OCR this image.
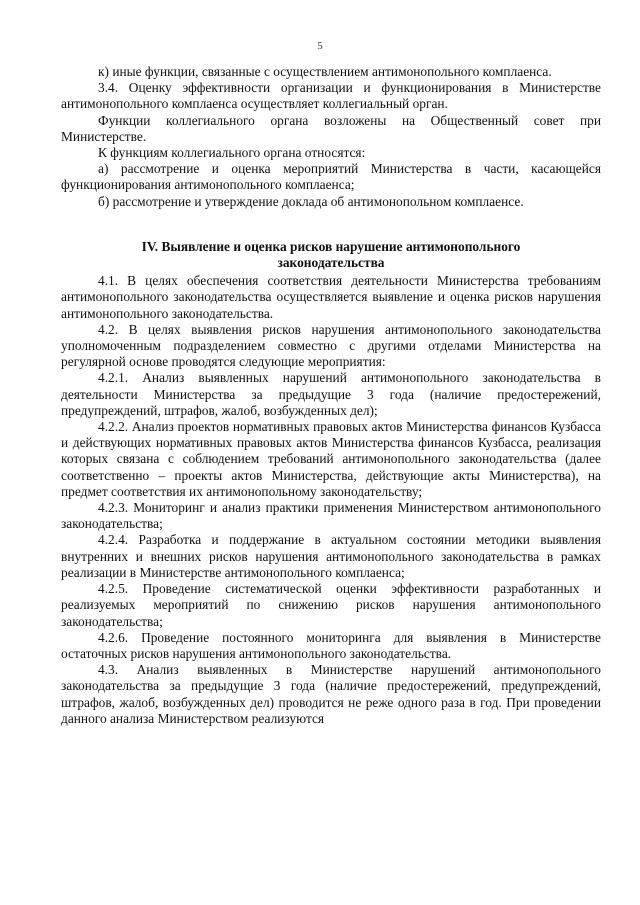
5

к) иные функции, связанные с осуществлением антимонопольного комплаенса.

3.4. Оценку эффективности организации и функционирования в Министерстве антимонопольного комплаенса осуществляет коллегиальный орган.

Функции коллегиального органа возложены на Общественный совет при Министерстве.

К функциям коллегиального органа относятся:

а) рассмотрение и оценка мероприятий Министерства в части, касающейся функционирования антимонопольного комплаенса;

б) рассмотрение и утверждение доклада об антимонопольном комплаенсе.

IV. Выявление и оценка рисков нарушение антимонопольного законодательства

4.1. В целях обеспечения соответствия деятельности Министерства требованиям антимонопольного законодательства осуществляется выявление и оценка рисков нарушения антимонопольного законодательства.

4.2. В целях выявления рисков нарушения антимонопольного законодательства уполномоченным подразделением совместно с другими отделами Министерства на регулярной основе проводятся следующие мероприятия:

4.2.1. Анализ выявленных нарушений антимонопольного законодательства в деятельности Министерства за предыдущие 3 года (наличие предостережений, предупреждений, штрафов, жалоб, возбужденных дел);

4.2.2. Анализ проектов нормативных правовых актов Министерства финансов Кузбасса и действующих нормативных правовых актов Министерства финансов Кузбасса, реализация которых связана с соблюдением требований антимонопольного законодательства (далее соответственно – проекты актов Министерства, действующие акты Министерства), на предмет соответствия их антимонопольному законодательству;

4.2.3. Мониторинг и анализ практики применения Министерством антимонопольного законодательства;

4.2.4. Разработка и поддержание в актуальном состоянии методики выявления внутренних и внешних рисков нарушения антимонопольного законодательства в рамках реализации в Министерстве антимонопольного комплаенса;

4.2.5. Проведение систематической оценки эффективности разработанных и реализуемых мероприятий по снижению рисков нарушения антимонопольного законодательства;

4.2.6. Проведение постоянного мониторинга для выявления в Министерстве остаточных рисков нарушения антимонопольного законодательства.

4.3. Анализ выявленных в Министерстве нарушений антимонопольного законодательства за предыдущие 3 года (наличие предостережений, предупреждений, штрафов, жалоб, возбужденных дел) проводится не реже одного раза в год. При проведении данного анализа Министерством реализуются
